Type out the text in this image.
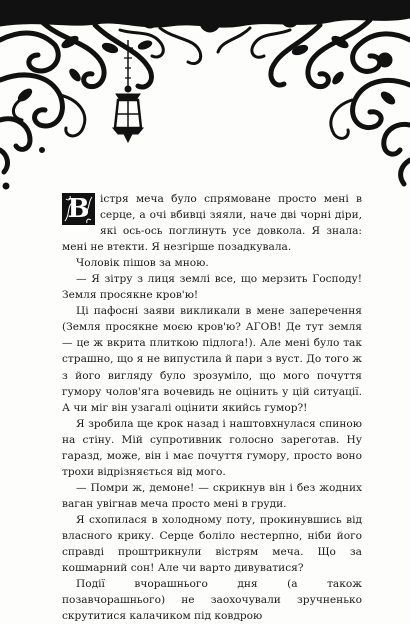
В істря меча було спрямоване просто мені в серце, а очі вбивці зяяли, наче дві чорні діри, які ось-ось поглинуть усе довкола. Я знала: мені не втекти. Я незгірше позадкувала.

Чоловік пішов за мною.

— Я зітру з лиця землі все, що мерзить Господу! Земля просякне кров'ю!

Ці пафосні заяви викликали в мене заперечення (Земля просякне моєю кров'ю? АГОВ! Де тут земля — це ж вкрита плиткою підлога!). Але мені було так страшно, що я не випустила й пари з вуст. До того ж з його вигляду було зрозуміло, що мого почуття гумору чолов'яга вочевидь не оцінить у цій ситуації. А чи міг він узагалі оцінити якийсь гумор?!

Я зробила ще крок назад і наштовхнулася спиною на стіну. Мій супротивник голосно зареготав. Ну гаразд, може, він і має почуття гумору, просто воно трохи відрізняється від мого.

— Помри ж, демоне! — скрикнув він і без жодних ваган увігнав меча просто мені в груди.

Я схопилася в холодному поту, прокинувшись від власного крику. Серце боліло нестерпно, ніби його справді проштрикнули вістрям меча. Що за кошмарний сон! Але чи варто дивуватися?

Події вчорашнього дня (а також позавчорашнього) не заохочували зручненько скрутитися калачиком під ковдрою
